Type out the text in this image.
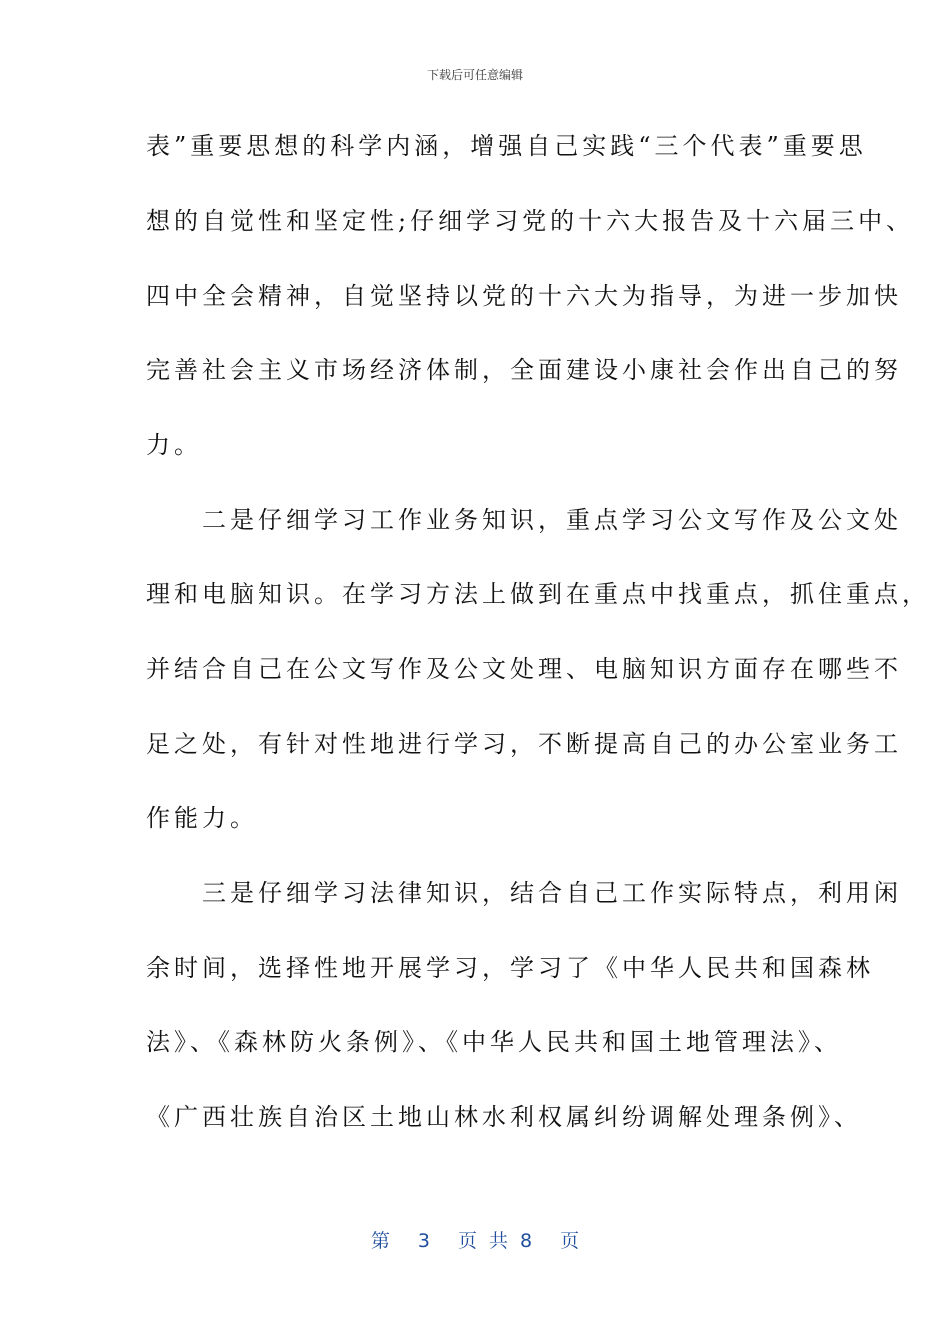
下载后可任意编辑
表”重要思想的科学内涵，增强自己实践“三个代表”重要思
想的自觉性和坚定性;仔细学习党的十六大报告及十六届三中、
四中全会精神，自觉坚持以党的十六大为指导，为进一步加快
完善社会主义市场经济体制，全面建设小康社会作出自己的努
力。
　　二是仔细学习工作业务知识，重点学习公文写作及公文处
理和电脑知识。在学习方法上做到在重点中找重点，抓住重点，
并结合自己在公文写作及公文处理、电脑知识方面存在哪些不
足之处，有针对性地进行学习，不断提高自己的办公室业务工
作能力。
　　三是仔细学习法律知识，结合自己工作实际特点，利用闲
余时间，选择性地开展学习，学习了《中华人民共和国森林
法》、《森林防火条例》、《中华人民共和国土地管理法》、
《广西壮族自治区土地山林水利权属纠纷调解处理条例》、
第 3 页 共 8 页
